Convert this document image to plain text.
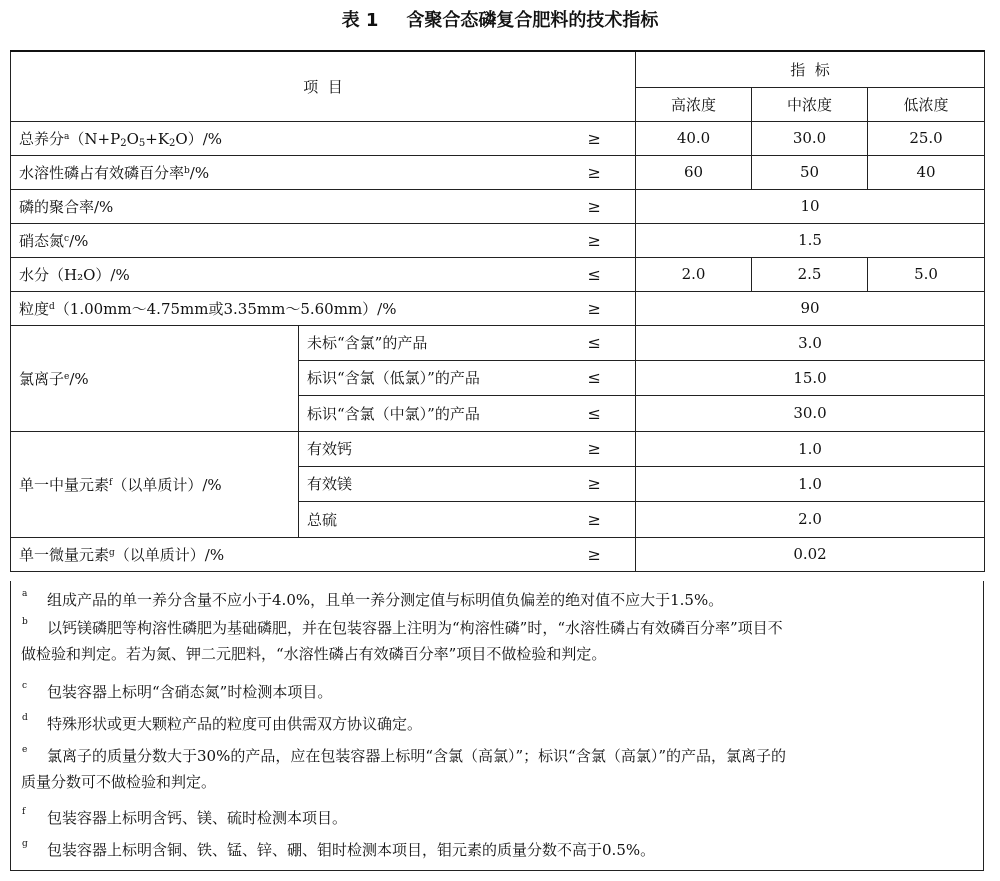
表 1 含聚合态磷复合肥料的技术指标
项  目			指  标		
			高浓度	中浓度	低浓度
总养分$^a(N+P_2O_5+K_2O)/\%$		≥	40.0	30.0	25.0
水溶性磷占有效磷百分率$^b$/%		≥	60	50	40
磷的聚合率/%		≥	10		
硝态氮$^c$/%		≥	1.5		
水分（H₂O）/%		≤	2.0	2.5	5.0
粒度$^d$（1.00mm～4.75mm或3.35mm～5.60mm）/%		≥	90		
氯离子$^e$/%	未标“含氯”的产品	≤	3.0		
	标识“含氯（低氯）”的产品	≤	15.0		
	标识“含氯（中氯）”的产品	≤	30.0		
单一中量元素$^f$（以单质计）/%	有效钙	≥	1.0		
	有效镁	≥	1.0		
	总硫	≥	2.0		
单一微量元素$^g$（以单质计）/%		≥	0.02		
a 组成产品的单一养分含量不应小于4.0%，且单一养分测定值与标明值负偏差的绝对值不应大于1.5%。
b 以钙镁磷肥等枸溶性磷肥为基础磷肥，并在包装容器上注明为“枸溶性磷”时，“水溶性磷占有效磷百分率”项目不
做检验和判定。若为氮、钾二元肥料，“水溶性磷占有效磷百分率”项目不做检验和判定。
c 包装容器上标明“含硝态氮”时检测本项目。
d 特殊形状或更大颗粒产品的粒度可由供需双方协议确定。
e 氯离子的质量分数大于30%的产品，应在包装容器上标明“含氯（高氯）”；标识“含氯（高氯）”的产品，氯离子的
质量分数可不做检验和判定。
f 包装容器上标明含钙、镁、硫时检测本项目。
g 包装容器上标明含铜、铁、锰、锌、硼、钼时检测本项目，钼元素的质量分数不高于0.5%。
